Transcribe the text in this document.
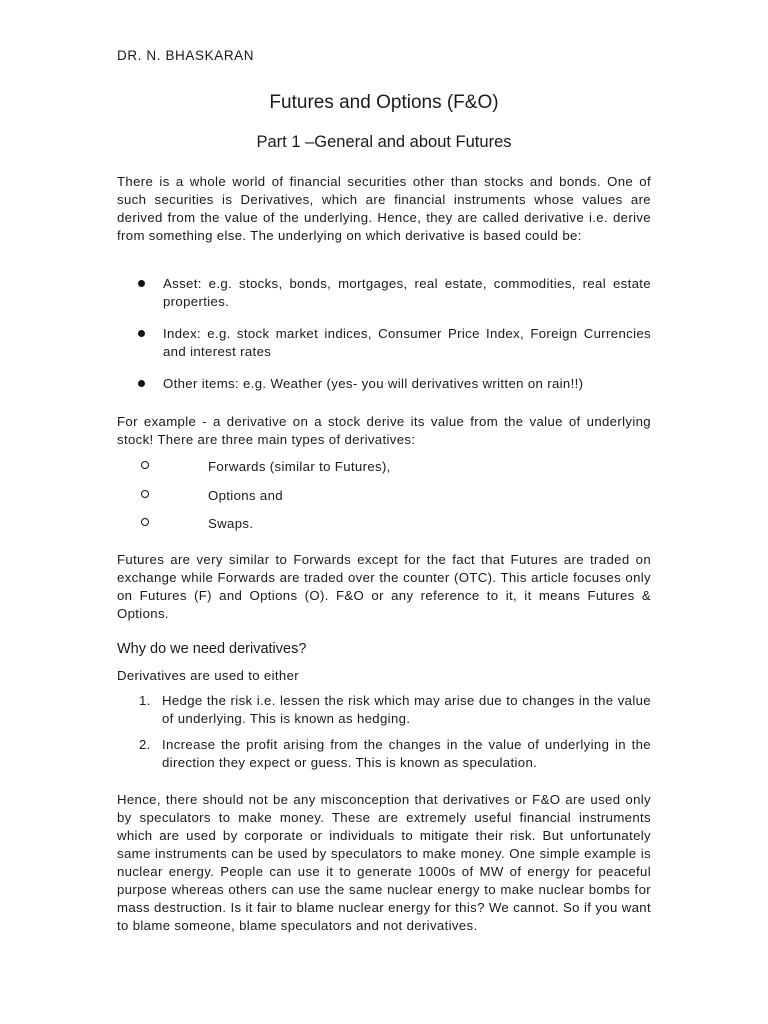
DR. N. BHASKARAN
Futures and Options (F&O)
Part 1 –General and about Futures

There is a whole world of financial securities other than stocks and bonds. One of such securities is Derivatives, which are financial instruments whose values are derived from the value of the underlying. Hence, they are called derivative i.e. derive from something else. The underlying on which derivative is based could be:

Asset: e.g. stocks, bonds, mortgages, real estate, commodities, real estate properties.
Index: e.g. stock market indices, Consumer Price Index, Foreign Currencies and interest rates
Other items: e.g. Weather (yes- you will derivatives written on rain!!)

For example - a derivative on a stock derive its value from the value of underlying stock! There are three main types of derivatives:

Forwards (similar to Futures),
Options and
Swaps.

Futures are very similar to Forwards except for the fact that Futures are traded on exchange while Forwards are traded over the counter (OTC). This article focuses only on Futures (F) and Options (O). F&O or any reference to it, it means Futures & Options.

Why do we need derivatives?

Derivatives are used to either

1. Hedge the risk i.e. lessen the risk which may arise due to changes in the value of underlying. This is known as hedging.
2. Increase the profit arising from the changes in the value of underlying in the direction they expect or guess. This is known as speculation.

Hence, there should not be any misconception that derivatives or F&O are used only by speculators to make money. These are extremely useful financial instruments which are used by corporate or individuals to mitigate their risk. But unfortunately same instruments can be used by speculators to make money. One simple example is nuclear energy. People can use it to generate 1000s of MW of energy for peaceful purpose whereas others can use the same nuclear energy to make nuclear bombs for mass destruction. Is it fair to blame nuclear energy for this? We cannot. So if you want to blame someone, blame speculators and not derivatives.
